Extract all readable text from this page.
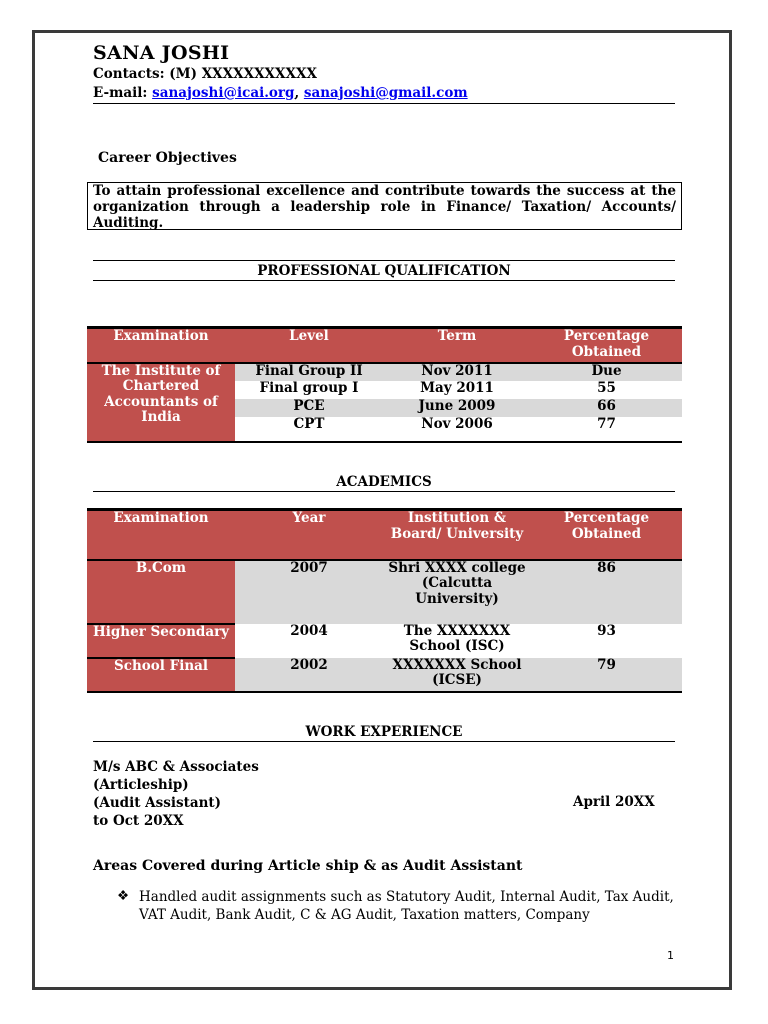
SANA JOSHI
Contacts: (M) XXXXXXXXXXX
E-mail: sanajoshi@icai.org, sanajoshi@gmail.com
Career Objectives
To attain professional excellence and contribute towards the success at the organization through a leadership role in Finance/ Taxation/ Accounts/ Auditing.
PROFESSIONAL QUALIFICATION
Examination	Level	Term	Percentage Obtained
The Institute of Chartered Accountants of India	Final Group II	Nov 2011	Due
	Final group I	May 2011	55
	PCE	June 2009	66
	CPT	Nov 2006	77
ACADEMICS
Examination	Year	Institution & Board/ University	Percentage Obtained
B.Com	2007	Shri XXXX college (Calcutta University)	86
Higher Secondary	2004	The XXXXXXX School (ISC)	93
School Final	2002	XXXXXXX School (ICSE)	79
WORK EXPERIENCE
M/s ABC & Associates
(Articleship)
(Audit Assistant)
to Oct 20XX
April 20XX
Areas Covered during Article ship & as Audit Assistant
❖ Handled audit assignments such as Statutory Audit, Internal Audit, Tax Audit, VAT Audit, Bank Audit, C & AG Audit, Taxation matters, Company
1
